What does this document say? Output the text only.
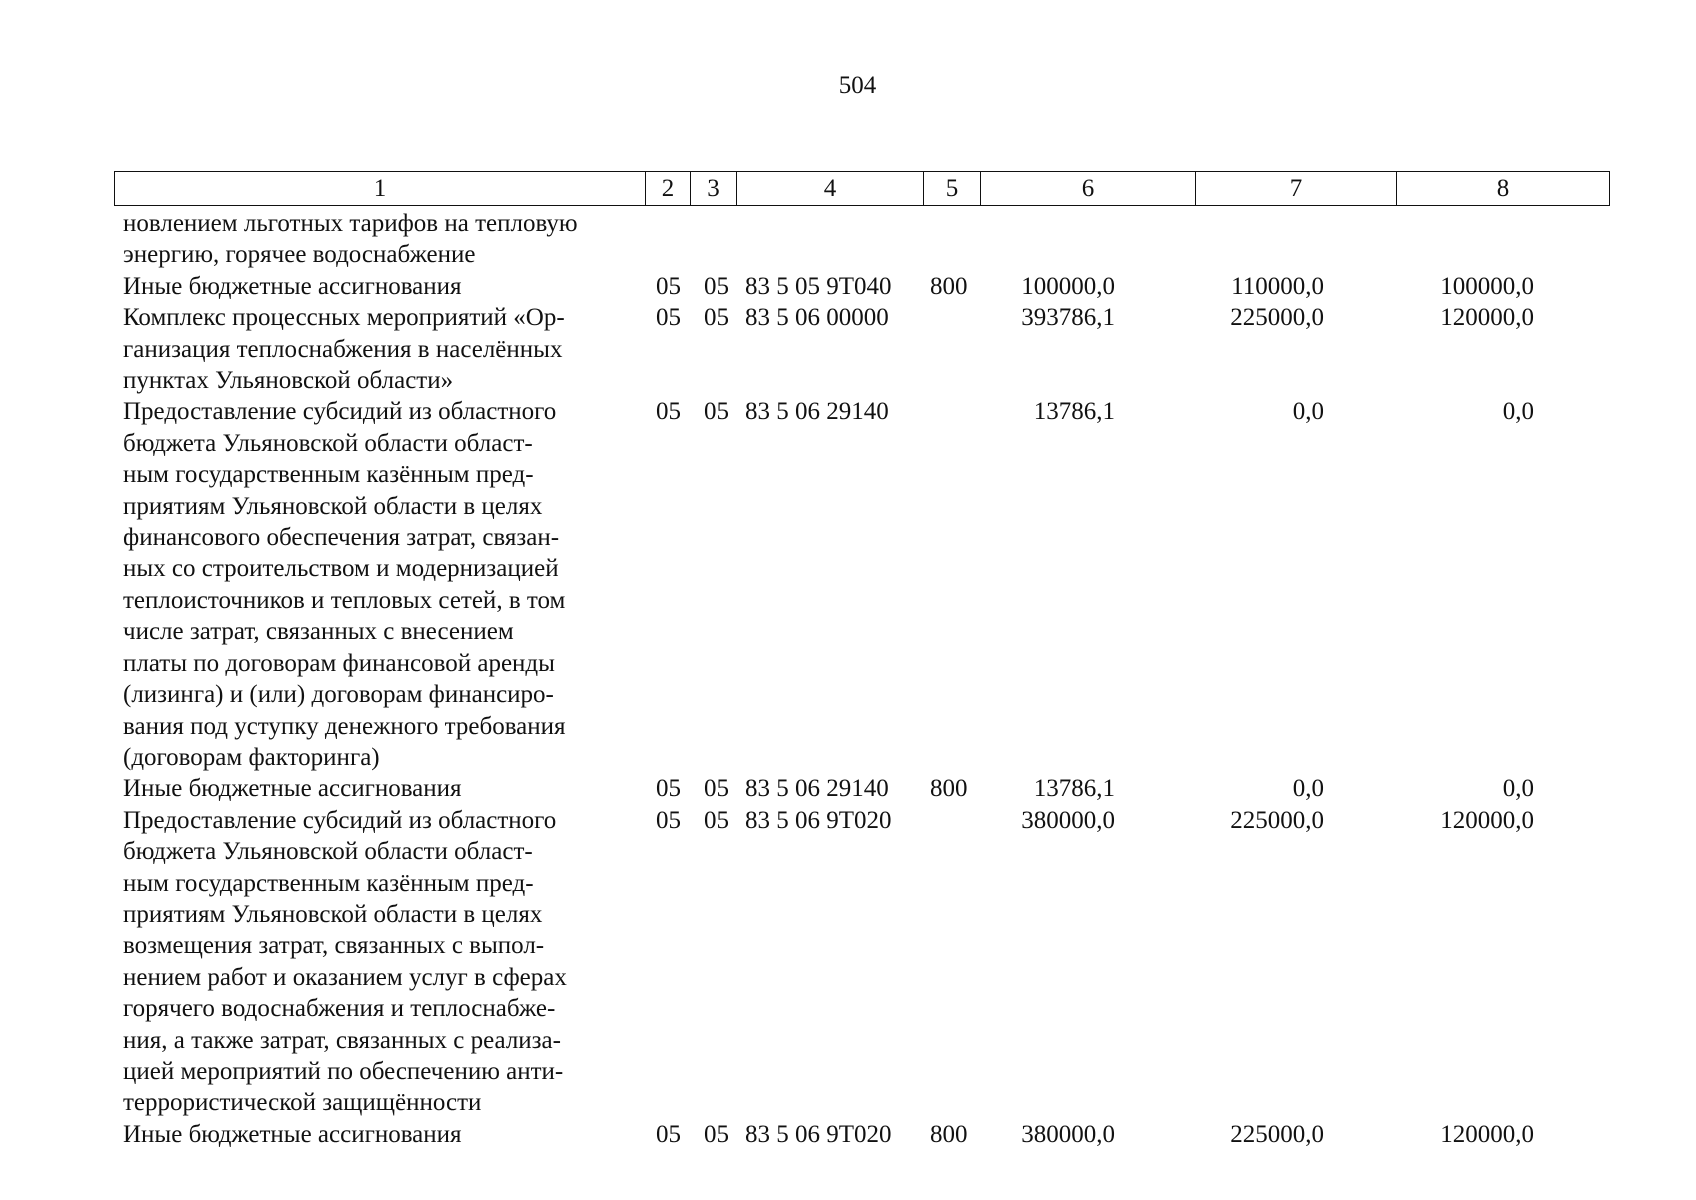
504
1	2	3	4	5	6	7	8
новлением льготных тарифов на тепловую
энергию, горячее водоснабжение
Иные бюджетные ассигнования	05 05 83 5 05 9Т040	800	100000,0	110000,0	100000,0
Комплекс процессных мероприятий «Ор-
ганизация теплоснабжения в населённых
пунктах Ульяновской области»
05 05 83 5 06 00000	393786,1	225000,0	120000,0
Предоставление субсидий из областного
бюджета Ульяновской области област-
ным государственным казённым пред-
приятиям Ульяновской области в целях
финансового обеспечения затрат, связан-
ных со строительством и модернизацией
теплоисточников и тепловых сетей, в том
числе затрат, связанных с внесением
платы по договорам финансовой аренды
(лизинга) и (или) договорам финансиро-
вания под уступку денежного требования
(договорам факторинга)
05 05 83 5 06 29140	13786,1	0,0	0,0
Иные бюджетные ассигнования	05 05 83 5 06 29140	800	13786,1	0,0	0,0
Предоставление субсидий из областного
бюджета Ульяновской области област-
ным государственным казённым пред-
приятиям Ульяновской области в целях
возмещения затрат, связанных с выпол-
нением работ и оказанием услуг в сферах
горячего водоснабжения и теплоснабже-
ния, а также затрат, связанных с реализа-
цией мероприятий по обеспечению анти-
террористической защищённости
05 05 83 5 06 9Т020	380000,0	225000,0	120000,0
Иные бюджетные ассигнования	05 05 83 5 06 9Т020	800	380000,0	225000,0	120000,0
